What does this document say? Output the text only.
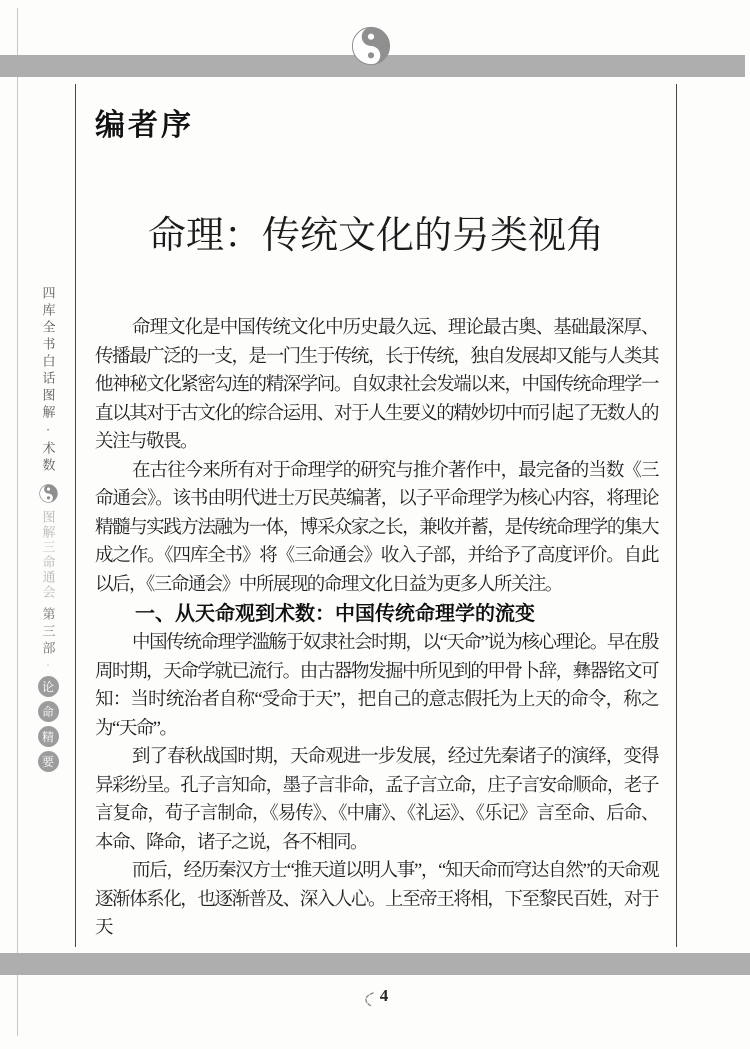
四库全书白话图解·术数
图解三命通会
第三部
·
论
命
精
要
编者序
命理：传统文化的另类视角

命理文化是中国传统文化中历史最久远、理论最古奥、基础最深厚、传播最广泛的一支，是一门生于传统，长于传统，独自发展却又能与人类其他神秘文化紧密勾连的精深学问。自奴隶社会发端以来，中国传统命理学一直以其对于古文化的综合运用、对于人生要义的精妙切中而引起了无数人的关注与敬畏。

在古往今来所有对于命理学的研究与推介著作中，最完备的当数《三命通会》。该书由明代进士万民英编著，以子平命理学为核心内容，将理论精髓与实践方法融为一体，博采众家之长，兼收并蓄，是传统命理学的集大成之作。《四库全书》将《三命通会》收入子部，并给予了高度评价。自此以后，《三命通会》中所展现的命理文化日益为更多人所关注。

一、从天命观到术数：中国传统命理学的流变

中国传统命理学滥觞于奴隶社会时期，以“天命”说为核心理论。早在殷周时期，天命学就已流行。由古器物发掘中所见到的甲骨卜辞，彝器铭文可知：当时统治者自称“受命于天”，把自己的意志假托为上天的命令，称之为“天命”。

到了春秋战国时期，天命观进一步发展，经过先秦诸子的演绎，变得异彩纷呈。孔子言知命，墨子言非命，孟子言立命，庄子言安命顺命，老子言复命，荀子言制命，《易传》、《中庸》、《礼运》、《乐记》言至命、后命、本命、降命，诸子之说，各不相同。

而后，经历秦汉方士“推天道以明人事”，“知天命而穹达自然”的天命观逐渐体系化，也逐渐普及、深入人心。上至帝王将相，下至黎民百姓，对于天

4
